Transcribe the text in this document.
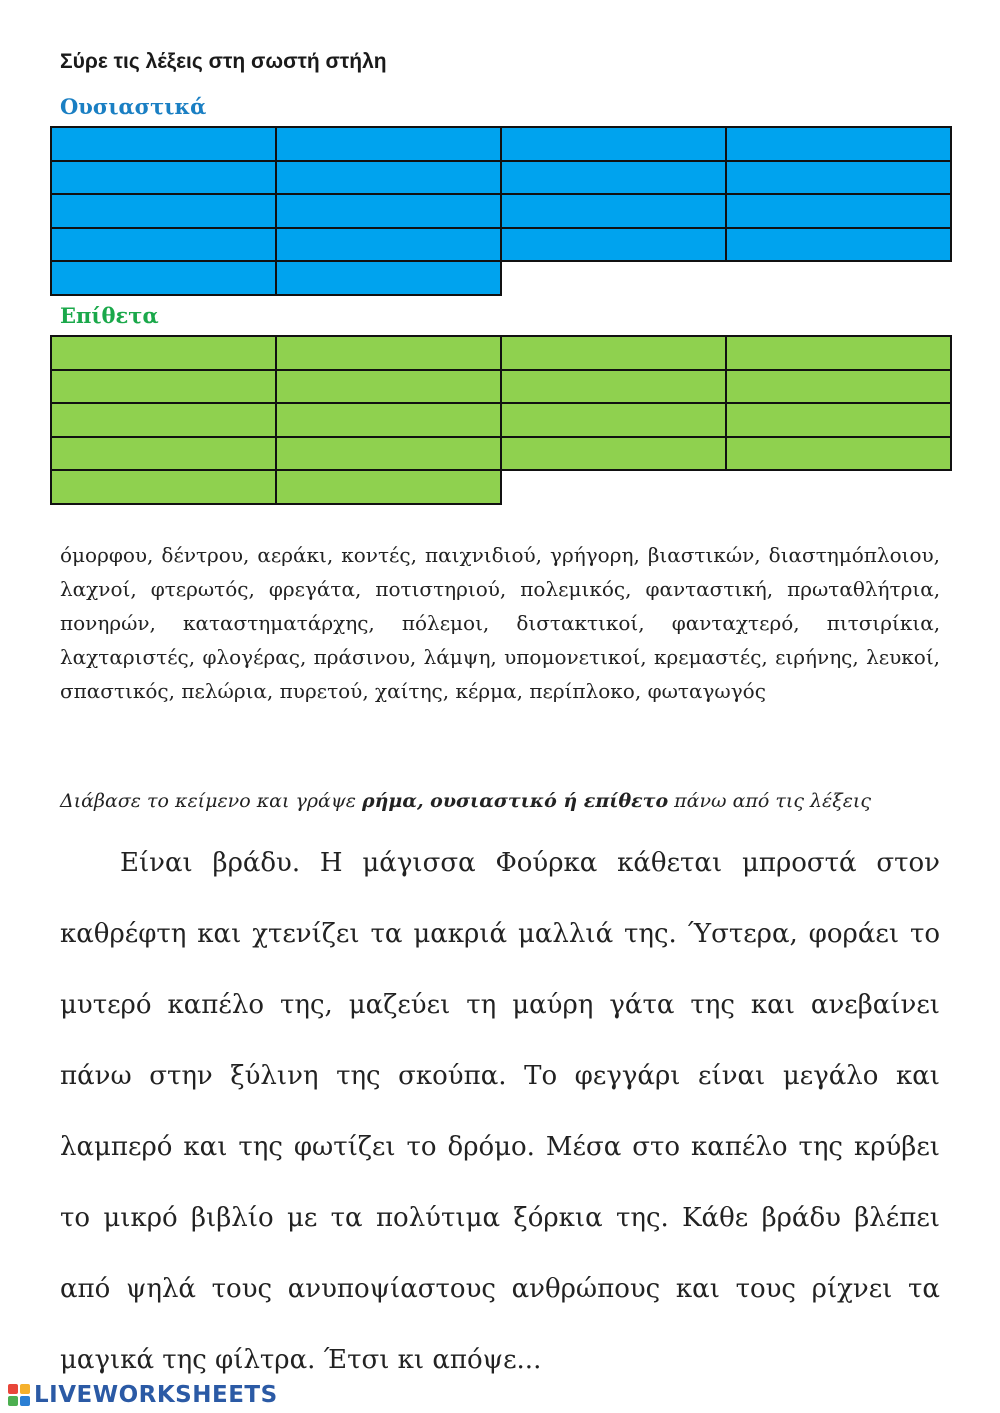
Σύρε τις λέξεις στη σωστή στήλη
Ουσιαστικά
Επίθετα
όμορφου, δέντρου, αεράκι, κοντές, παιχνιδιού, γρήγορη, βιαστικών, διαστημόπλοιου, λαχνοί, φτερωτός, φρεγάτα, ποτιστηριού, πολεμικός, φανταστική, πρωταθλήτρια, πονηρών, καταστηματάρχης, πόλεμοι, διστακτικοί, φανταχτερό, πιτσιρίκια, λαχταριστές, φλογέρας, πράσινου, λάμψη, υπομονετικοί, κρεμαστές, ειρήνης, λευκοί, σπαστικός, πελώρια, πυρετού, χαίτης, κέρμα, περίπλοκο, φωταγωγός
Διάβασε το κείμενο και γράψε ρήμα, ουσιαστικό ή επίθετο πάνω από τις λέξεις
Είναι βράδυ. Η μάγισσα Φούρκα κάθεται μπροστά στον καθρέφτη και χτενίζει τα μακριά μαλλιά της. Ύστερα, φοράει το μυτερό καπέλο της, μαζεύει τη μαύρη γάτα της και ανεβαίνει πάνω στην ξύλινη της σκούπα. Το φεγγάρι είναι μεγάλο και λαμπερό και της φωτίζει το δρόμο. Μέσα στο καπέλο της κρύβει το μικρό βιβλίο με τα πολύτιμα ξόρκια της. Κάθε βράδυ βλέπει από ψηλά τους ανυποψίαστους ανθρώπους και τους ρίχνει τα μαγικά της φίλτρα. Έτσι κι απόψε...
LIVEWORKSHEETS
